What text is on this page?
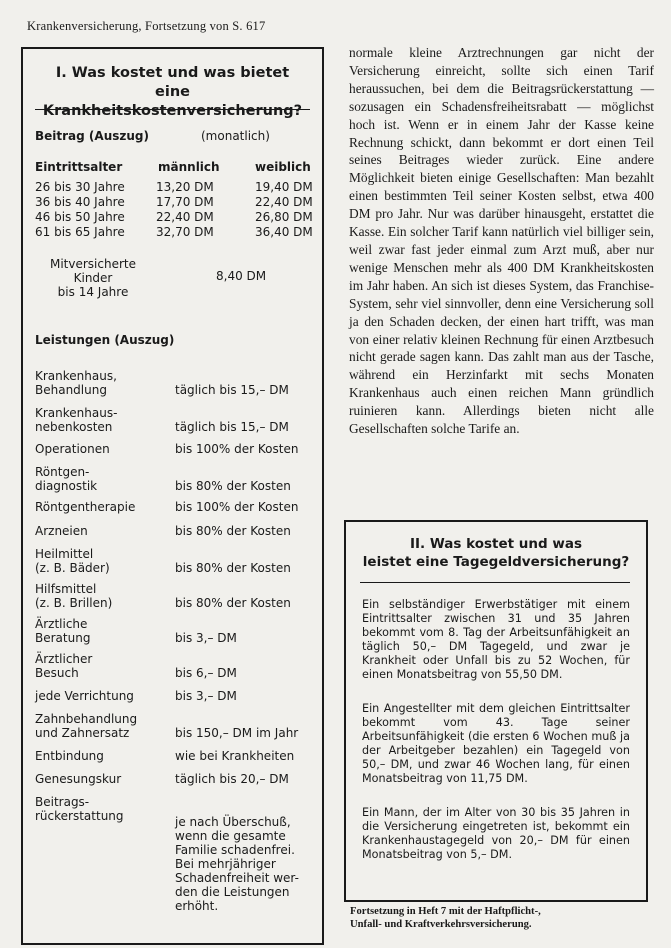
Krankenversicherung, Fortsetzung von S. 617
I. Was kostet und was bietet
eine Krankheitskostenversicherung?
Beitrag (Auszug)	(monatlich)
Eintrittsalter	männlich	weiblich
26 bis 30 Jahre	13,20 DM	19,40 DM
36 bis 40 Jahre	17,70 DM	22,40 DM
46 bis 50 Jahre	22,40 DM	26,80 DM
61 bis 65 Jahre	32,70 DM	36,40 DM
Mitversicherte
Kinder
bis 14 Jahre
8,40 DM
Leistungen (Auszug)
Krankenhaus,
Behandlung	täglich bis 15,– DM
Krankenhaus-
nebenkosten	täglich bis 15,– DM
Operationen	bis 100% der Kosten
Röntgen-
diagnostik	bis 80% der Kosten
Röntgentherapie	bis 100% der Kosten
Arzneien	bis 80% der Kosten
Heilmittel
(z. B. Bäder)	bis 80% der Kosten
Hilfsmittel
(z. B. Brillen)	bis 80% der Kosten
Ärztliche
Beratung	bis 3,– DM
Ärztlicher
Besuch	bis 6,– DM
jede Verrichtung	bis 3,– DM
Zahnbehandlung
und Zahnersatz	bis 150,– DM im Jahr
Entbindung	wie bei Krankheiten
Genesungskur	täglich bis 20,– DM
Beitrags-
rückerstattung	je nach Überschuß,
wenn die gesamte
Familie schadenfrei.
Bei mehrjähriger
Schadenfreiheit wer-
den die Leistungen
erhöht.
normale kleine Arztrechnungen gar nicht der Versicherung einreicht, sollte sich einen Tarif heraussuchen, bei dem die Beitragsrückerstattung — sozusagen ein Schadensfreiheitsrabatt — möglichst hoch ist. Wenn er in einem Jahr der Kasse keine Rechnung schickt, dann bekommt er dort einen Teil seines Beitrages wieder zurück. Eine andere Möglichkeit bieten einige Gesellschaften: Man bezahlt einen bestimmten Teil seiner Kosten selbst, etwa 400 DM pro Jahr. Nur was darüber hinausgeht, erstattet die Kasse. Ein solcher Tarif kann natürlich viel billiger sein, weil zwar fast jeder einmal zum Arzt muß, aber nur wenige Menschen mehr als 400 DM Krankheitskosten im Jahr haben. An sich ist dieses System, das Franchise-System, sehr viel sinnvoller, denn eine Versicherung soll ja den Schaden decken, der einen hart trifft, was man von einer relativ kleinen Rechnung für einen Arztbesuch nicht gerade sagen kann. Das zahlt man aus der Tasche, während ein Herzinfarkt mit sechs Monaten Krankenhaus auch einen reichen Mann gründlich ruinieren kann. Allerdings bieten nicht alle Gesellschaften solche Tarife an.
II. Was kostet und was
leistet eine Tagegeldversicherung?
Ein selbständiger Erwerbstätiger mit einem Eintrittsalter zwischen 31 und 35 Jahren bekommt vom 8. Tag der Arbeitsunfähigkeit an täglich 50,– DM Tagegeld, und zwar je Krankheit oder Unfall bis zu 52 Wochen, für einen Monatsbeitrag von 55,50 DM.
Ein Angestellter mit dem gleichen Eintrittsalter bekommt vom 43. Tage seiner Arbeitsunfähigkeit (die ersten 6 Wochen muß ja der Arbeitgeber bezahlen) ein Tagegeld von 50,– DM, und zwar 46 Wochen lang, für einen Monatsbeitrag von 11,75 DM.
Ein Mann, der im Alter von 30 bis 35 Jahren in die Versicherung eingetreten ist, bekommt ein Krankenhaustagegeld von 20,– DM für einen Monatsbeitrag von 5,– DM.
Fortsetzung in Heft 7 mit der Haftpflicht-,
Unfall- und Kraftverkehrsversicherung.
